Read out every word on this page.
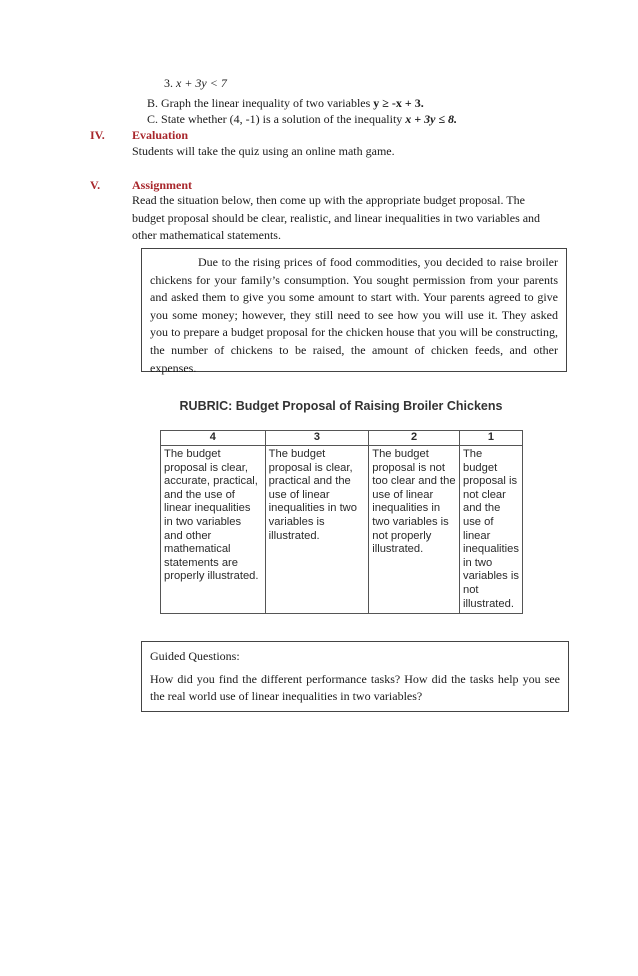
3. x + 3y < 7
B. Graph the linear inequality of two variables y ≥ -x + 3.
C. State whether (4, -1) is a solution of the inequality x + 3y ≤ 8.
IV. Evaluation
Students will take the quiz using an online math game.
V.	Assignment
Read the situation below, then come up with the appropriate budget proposal. The
budget proposal should be clear, realistic, and linear inequalities in two variables and
other mathematical statements.
Due to the rising prices of food commodities, you decided to raise broiler chickens for your family’s consumption. You sought permission from your parents and asked them to give you some amount to start with. Your parents agreed to give you some money; however, they still need to see how you will use it. They asked you to prepare a budget proposal for the chicken house that you will be constructing, the number of chickens to be raised, the amount of chicken feeds, and other expenses.
RUBRIC: Budget Proposal of Raising Broiler Chickens
4	3	2	1
The budget proposal is clear, accurate, practical, and the use of linear inequalities in two variables and other mathematical statements are properly illustrated.	The budget proposal is clear, practical and the use of linear inequalities in two variables is illustrated.	The budget proposal is not too clear and the use of linear inequalities in two variables is not properly illustrated.	The budget proposal is not clear and the use of linear inequalities in two variables is not illustrated.
Guided Questions:
How did you find the different performance tasks? How did the tasks help you see the real world use of linear inequalities in two variables?
